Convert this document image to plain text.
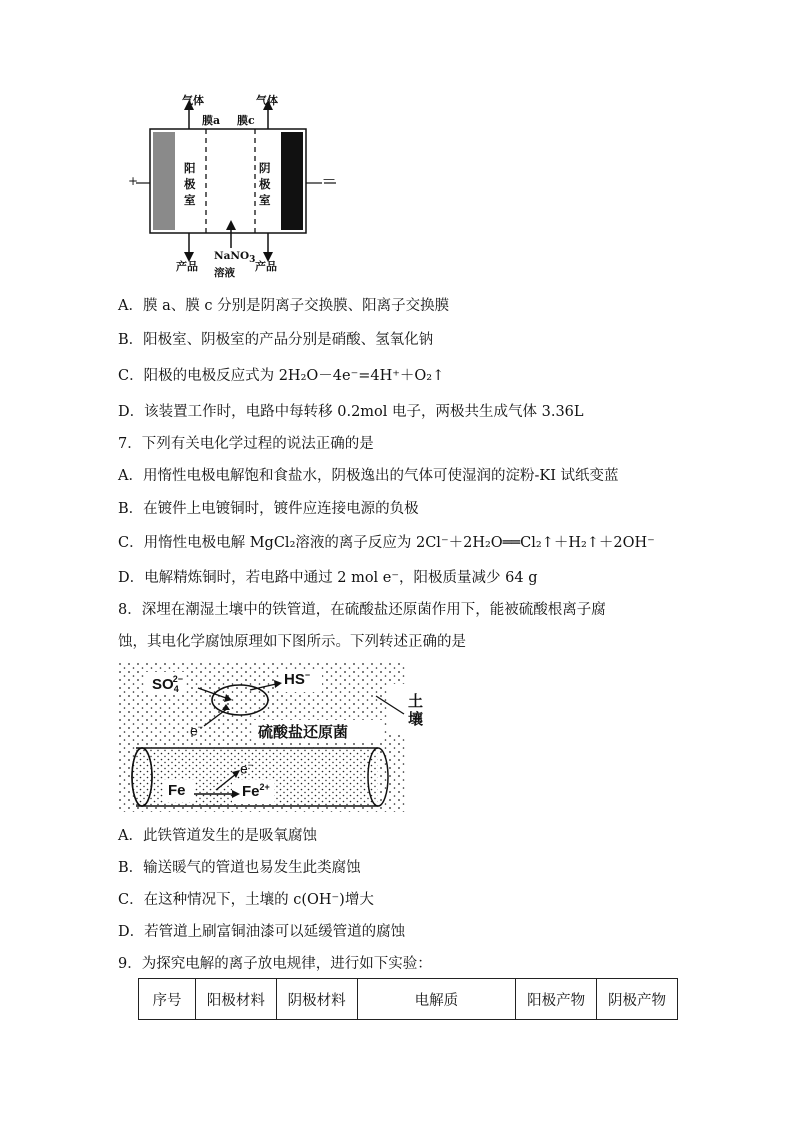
气体	气体
膜a 膜c
阳
极
室
阴
极
室
+	—
产品	产品
NaNO$_3$
溶液
A．膜 a、膜 c 分别是阴离子交换膜、阳离子交换膜
B．阳极室、阴极室的产品分别是硝酸、氢氧化钠
C．阳极的电极反应式为 2H₂O－4e⁻=4H⁺＋O₂↑
D．该装置工作时，电路中每转移 0.2mol 电子，两极共生成气体 3.36L
7．下列有关电化学过程的说法正确的是
A．用惰性电极电解饱和食盐水，阴极逸出的气体可使湿润的淀粉-KI 试纸变蓝
B．在镀件上电镀铜时，镀件应连接电源的负极
C．用惰性电极电解 MgCl₂溶液的离子反应为 2Cl⁻＋2H₂O══Cl₂↑＋H₂↑＋2OH⁻
D．电解精炼铜时，若电路中通过 2 mol e⁻，阳极质量减少 64 g
8．深埋在潮湿土壤中的铁管道，在硫酸盐还原菌作用下，能被硫酸根离子腐
蚀，其电化学腐蚀原理如下图所示。下列转述正确的是
$SO_4^{2-}$	HS−
e−	硫酸盐还原菌
土
壤
e−
Fe	$Fe^{2+}$
A．此铁管道发生的是吸氧腐蚀
B．输送暖气的管道也易发生此类腐蚀
C．在这种情况下，土壤的 c(OH⁻)增大
D．若管道上刷富铜油漆可以延缓管道的腐蚀
9．为探究电解的离子放电规律，进行如下实验：
序号	阳极材料	阴极材料	电解质	阳极产物	阴极产物
